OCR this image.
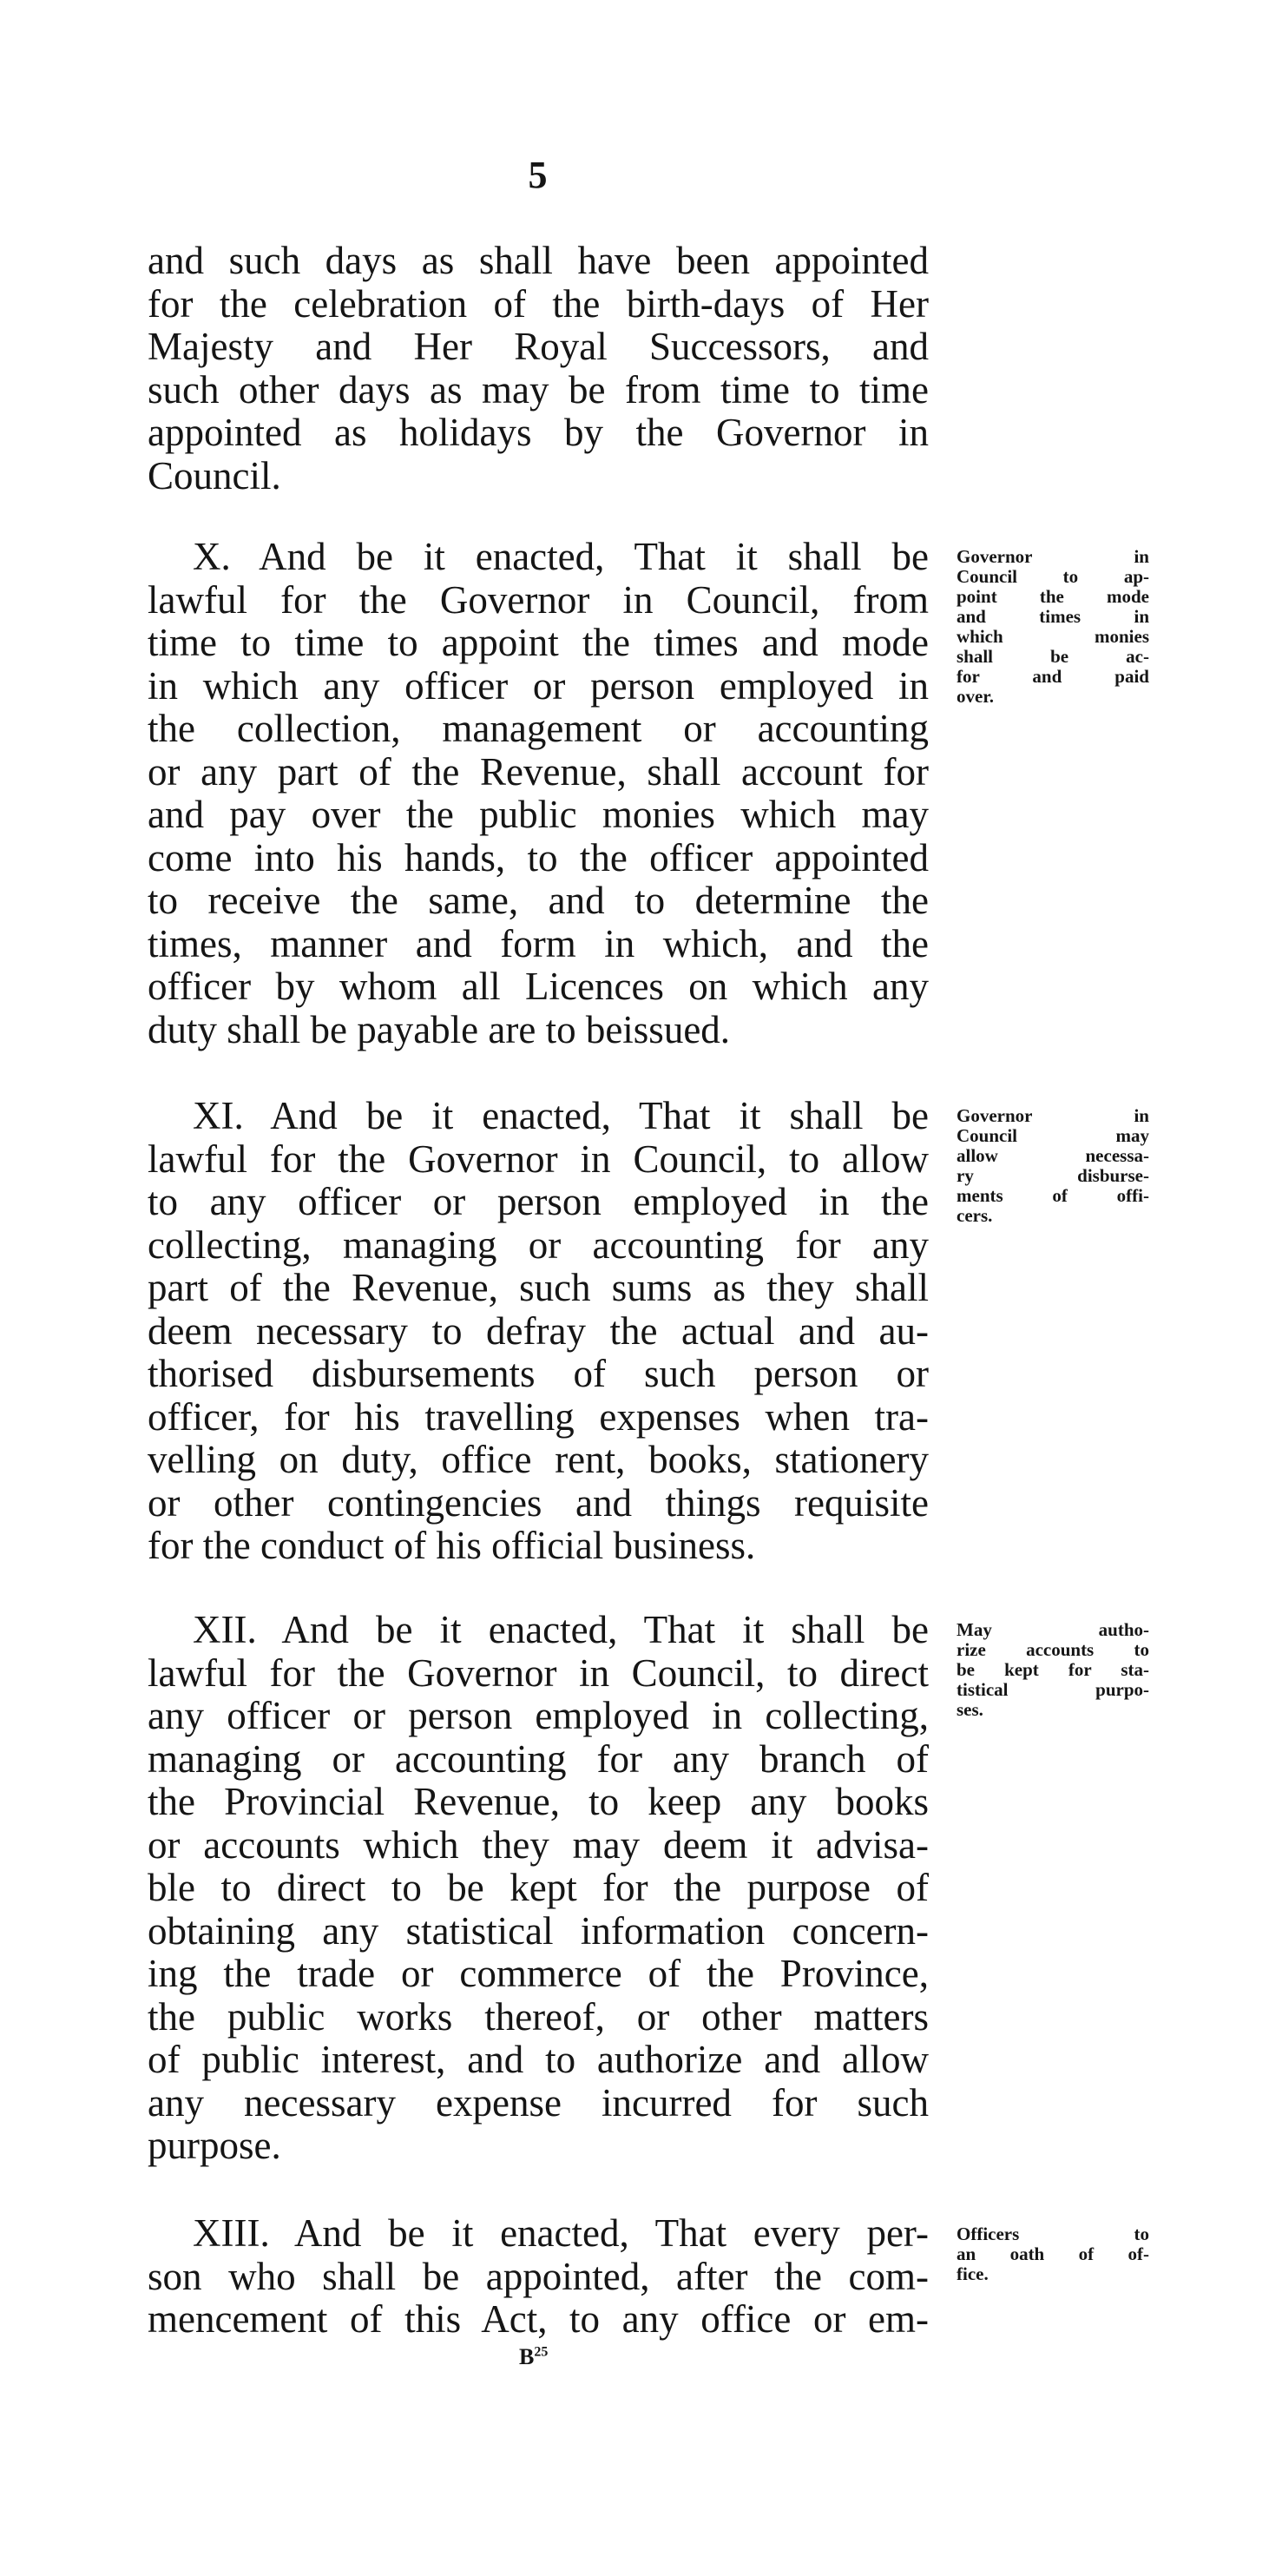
5
and such days as shall have been appointed
for the celebration of the birth-days of Her
Majesty and Her Royal Successors, and
such other days as may be from time to time
appointed as holidays by the Governor in
Council.
X. And be it enacted, That it shall be
lawful for the Governor in Council, from
time to time to appoint the times and mode
in which any officer or person employed in
the collection, management or accounting
or any part of the Revenue, shall account for
and pay over the public monies which may
come into his hands, to the officer appointed
to receive the same, and to determine the
times, manner and form in which, and the
officer by whom all Licences on which any
duty shall be payable are to beissued.
Governor in
Council to ap-
point the mode
and times in
which monies
shall be ac-
for and paid
over.
XI. And be it enacted, That it shall be
lawful for the Governor in Council, to allow
to any officer or person employed in the
collecting, managing or accounting for any
part of the Revenue, such sums as they shall
deem necessary to defray the actual and au-
thorised disbursements of such person or
officer, for his travelling expenses when tra-
velling on duty, office rent, books, stationery
or other contingencies and things requisite
for the conduct of his official business.
Governor in
Council may
allow necessa-
ry disburse-
ments of offi-
cers.
XII. And be it enacted, That it shall be
lawful for the Governor in Council, to direct
any officer or person employed in collecting,
managing or accounting for any branch of
the Provincial Revenue, to keep any books
or accounts which they may deem it advisa-
ble to direct to be kept for the purpose of
obtaining any statistical information concern-
ing the trade or commerce of the Province,
the public works thereof, or other matters
of public interest, and to authorize and allow
any necessary expense incurred for such
purpose.
May autho-
rize accounts to
be kept for sta-
tistical purpo-
ses.
XIII. And be it enacted, That every per-
son who shall be appointed, after the com-
mencement of this Act, to any office or em-
Officers to
an oath of of-
fice.
$B^{25}$
